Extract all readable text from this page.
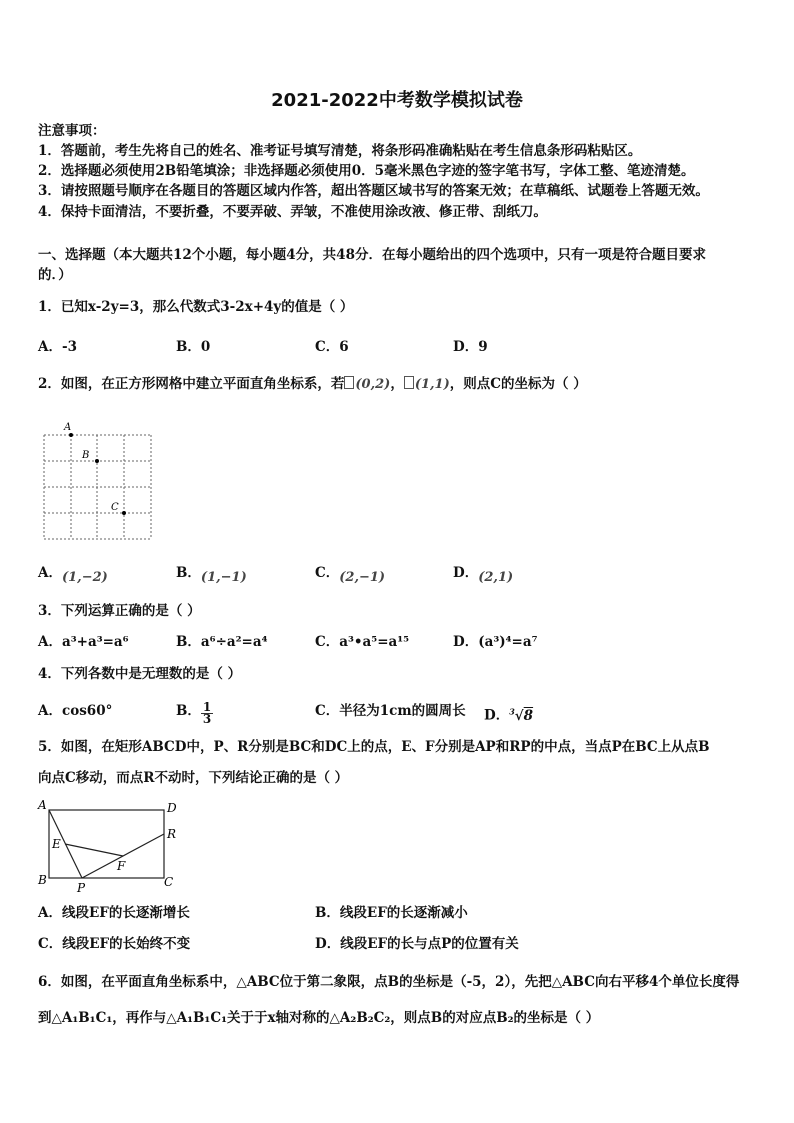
2021-2022中考数学模拟试卷
注意事项：
1．答题前，考生先将自己的姓名、准考证号填写清楚，将条形码准确粘贴在考生信息条形码粘贴区。
2．选择题必须使用2B铅笔填涂；非选择题必须使用0．5毫米黑色字迹的签字笔书写，字体工整、笔迹清楚。
3．请按照题号顺序在各题目的答题区域内作答，超出答题区域书写的答案无效；在草稿纸、试题卷上答题无效。
4．保持卡面清洁，不要折叠，不要弄破、弄皱，不准使用涂改液、修正带、刮纸刀。
一、选择题（本大题共12个小题，每小题4分，共48分．在每小题给出的四个选项中，只有一项是符合题目要求
的．）
1．已知x-2y=3，那么代数式3-2x+4y的值是（ ）
A．-3	B．0	C．6	D．9
2．如图，在正方形网格中建立平面直角坐标系，若 (0,2)， (1,1)，则点C的坐标为（ ）
A
B
C
A．(1,−2)	B．(1,−1)	C．(2,−1)	D．(2,1)
3．下列运算正确的是（ ）
A．a³+a³=a⁶	B．a⁶÷a²=a⁴	C．a³•a⁵=a¹⁵	D．(a³)⁴=a⁷
4．下列各数中是无理数的是（ ）
A．cos60°	B． $\frac{1}{3}$	C．半径为1cm的圆周长 D．$^3$√8
5．如图，在矩形ABCD中，P、R分别是BC和DC上的点，E、F分别是AP和RP的中点，当点P在BC上从点B
向点C移动，而点R不动时，下列结论正确的是（ ）
A	D
R
E
F
B
P	C
A．线段EF的长逐渐增长	B．线段EF的长逐渐减小
C．线段EF的长始终不变	D．线段EF的长与点P的位置有关
6．如图，在平面直角坐标系中，△ABC位于第二象限，点B的坐标是（-5，2），先把△ABC向右平移4个单位长度得
到△A₁B₁C₁，再作与△A₁B₁C₁关于于x轴对称的△A₂B₂C₂，则点B的对应点B₂的坐标是（ ）
